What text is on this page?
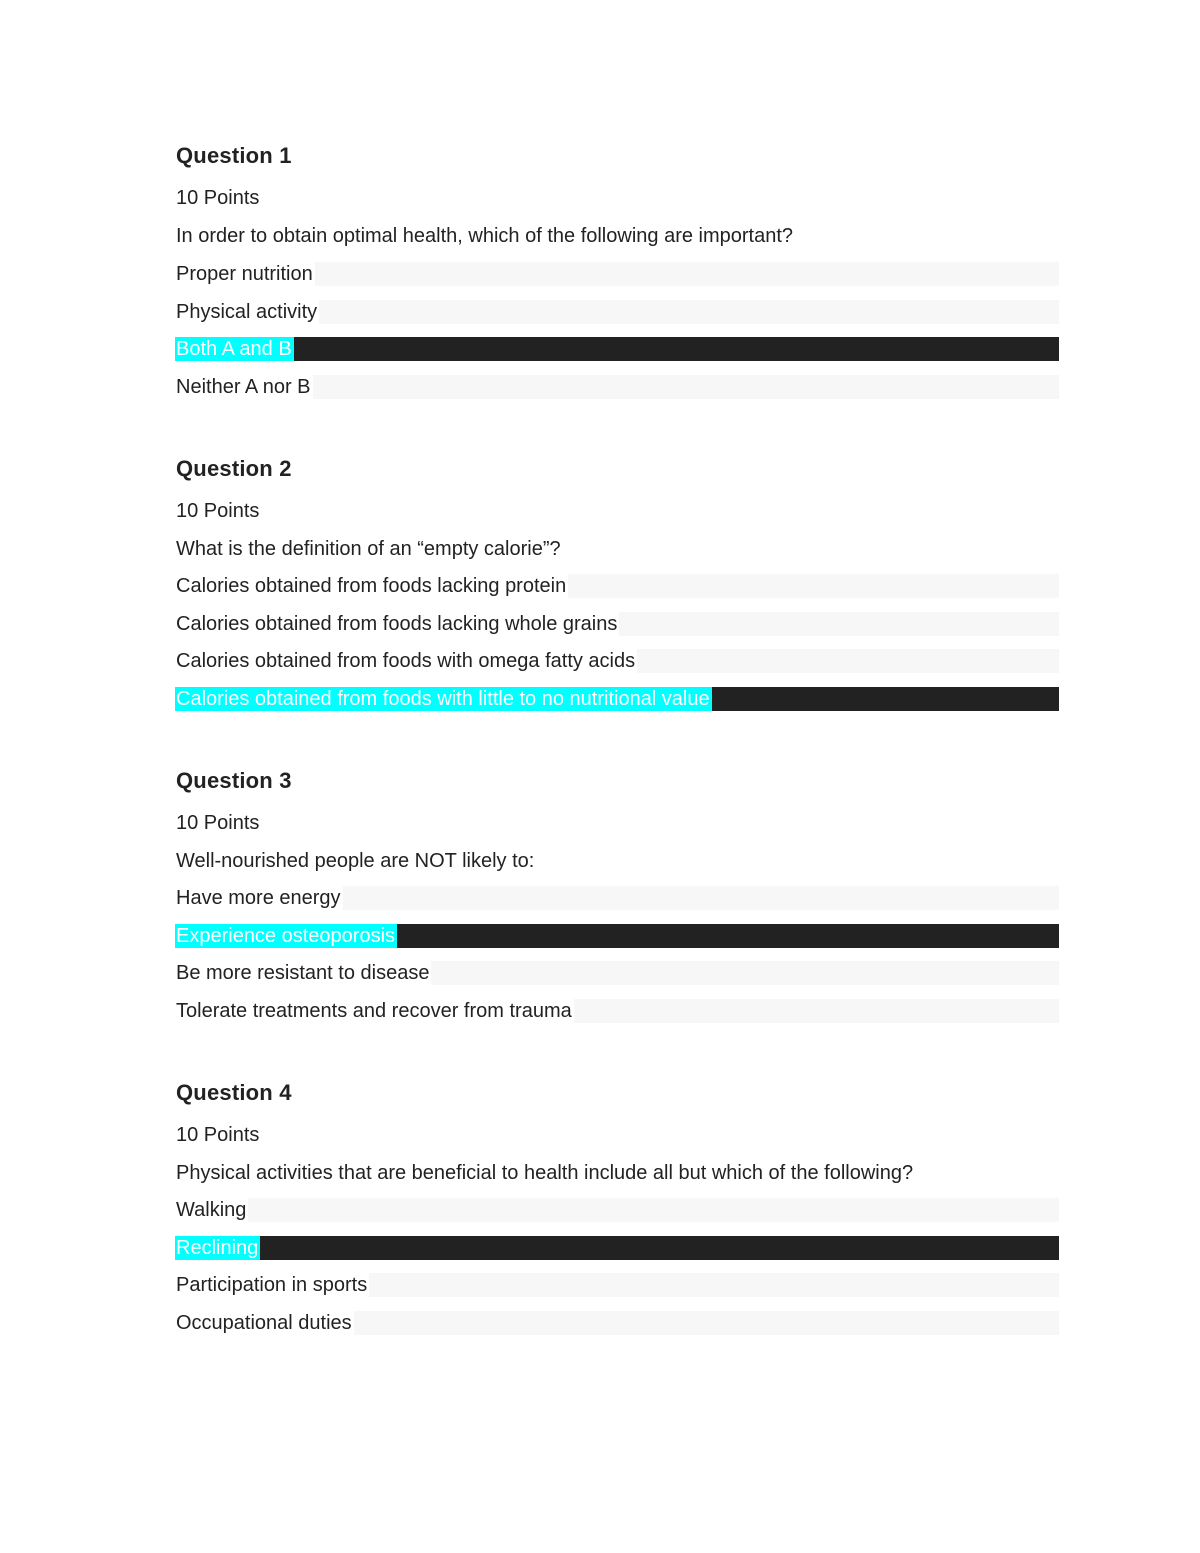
Question 1
10 Points
In order to obtain optimal health, which of the following are important?
Proper nutrition
Physical activity
Both A and B
Neither A nor B
Question 2
10 Points
What is the definition of an “empty calorie”?
Calories obtained from foods lacking protein
Calories obtained from foods lacking whole grains
Calories obtained from foods with omega fatty acids
Calories obtained from foods with little to no nutritional value
Question 3
10 Points
Well-nourished people are NOT likely to:
Have more energy
Experience osteoporosis
Be more resistant to disease
Tolerate treatments and recover from trauma
Question 4
10 Points
Physical activities that are beneficial to health include all but which of the following?
Walking
Reclining
Participation in sports
Occupational duties
